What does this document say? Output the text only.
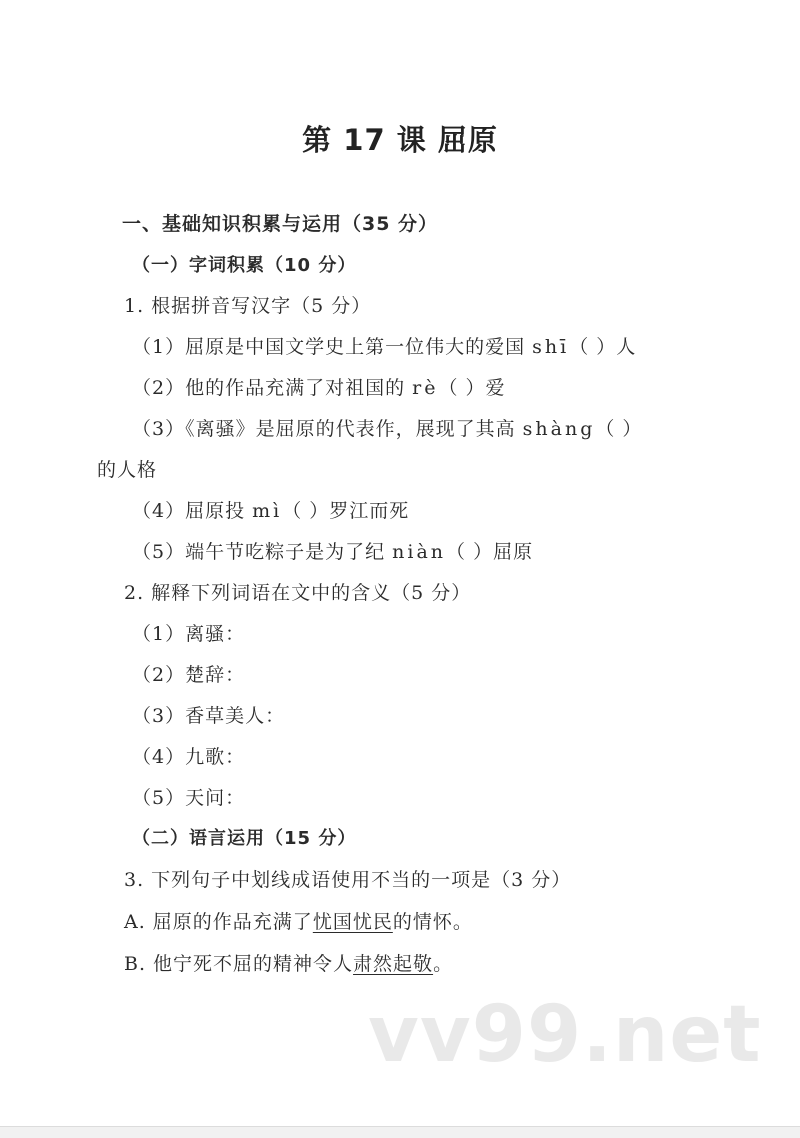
第 17 课 屈原
一、基础知识积累与运用（35 分）
（一）字词积累（10 分）
1. 根据拼音写汉字（5 分）
（1）屈原是中国文学史上第一位伟大的爱国 shī（ ）人
（2）他的作品充满了对祖国的 rè（ ）爱
（3）《离骚》是屈原的代表作，展现了其高 shàng（ ）
的人格
（4）屈原投 mì（ ）罗江而死
（5）端午节吃粽子是为了纪 niàn（ ）屈原
2. 解释下列词语在文中的含义（5 分）
（1）离骚：
（2）楚辞：
（3）香草美人：
（4）九歌：
（5）天问：
（二）语言运用（15 分）
3. 下列句子中划线成语使用不当的一项是（3 分）
A. 屈原的作品充满了忧国忧民的情怀。
B. 他宁死不屈的精神令人肃然起敬。
vv99.net
